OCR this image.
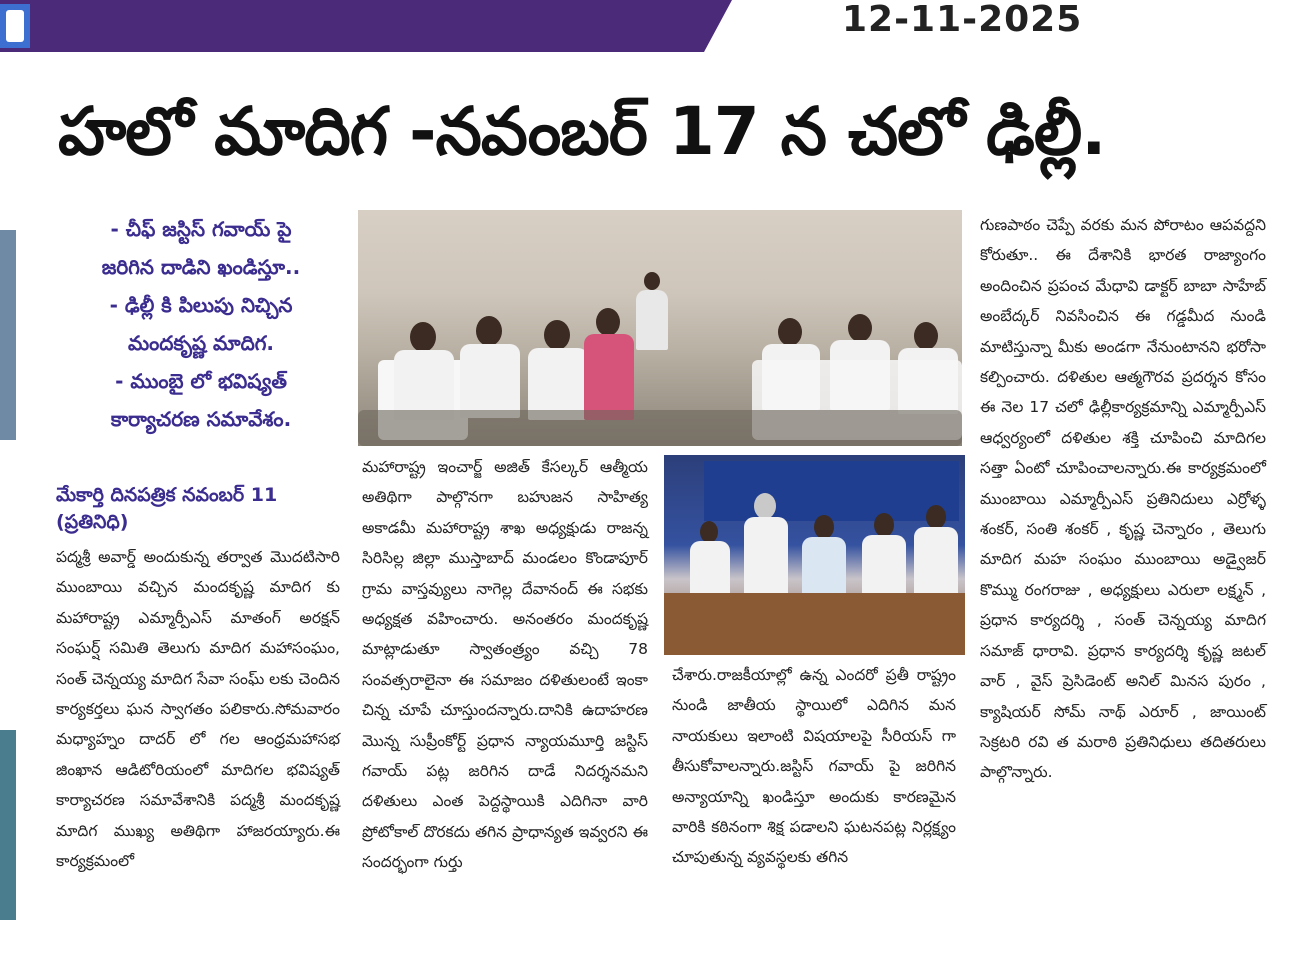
12-11-2025
హలో మాదిగ -నవంబర్ 17 న చలో ఢిల్లీ.
- చీఫ్ జస్టిస్ గవాయ్ పై
జరిగిన దాడిని ఖండిస్తూ..
- ఢిల్లీ కి పిలుపు నిచ్చిన
మందకృష్ణ మాదిగ.
- ముంబై లో భవిష్యత్
కార్యాచరణ సమావేశం.
మేకార్తి దినపత్రిక నవంబర్ 11 (ప్రతినిధి)

పద్మశ్రీ అవార్డ్ అందుకున్న తర్వాత మొదటిసారి ముంబాయి వచ్చిన మందకృష్ణ మాదిగ కు మహారాష్ట్ర ఎమ్మార్పీఎస్ మాతంగ్ అరక్షన్ సంఘర్ష్ సమితి తెలుగు మాదిగ మహాసంఘం, సంత్ చెన్నయ్య మాదిగ సేవా సంఘ్ లకు చెందిన కార్యకర్తలు ఘన స్వాగతం పలికారు.సోమవారం మధ్యాహ్నం దాదర్ లో గల ఆంధ్రమహాసభ జింఖాన ఆడిటోరియంలో మాదిగల భవిష్యత్ కార్యాచరణ సమావేశానికి పద్మశ్రీ మందకృష్ణ మాదిగ ముఖ్య అతిథిగా హాజరయ్యారు.ఈ కార్యక్రమంలో

మహారాష్ట్ర ఇంచార్జ్ అజిత్ కేసల్కర్ ఆత్మీయ అతిథిగా పాల్గొనగా బహుజన సాహిత్య అకాడమీ మహారాష్ట్ర శాఖ అధ్యక్షుడు రాజన్న సిరిసిల్ల జిల్లా ముస్తాబాద్ మండలం కొండాపూర్ గ్రామ వాస్తవ్యులు నాగెల్ల దేవానంద్ ఈ సభకు అధ్యక్షత వహించారు. అనంతరం మందకృష్ణ మాట్లాడుతూ స్వాతంత్ర్యం వచ్చి 78 సంవత్సరాలైనా ఈ సమాజం దళితులంటే ఇంకా చిన్న చూపే చూస్తుందన్నారు.దానికి ఉదాహరణ మొన్న సుప్రీంకోర్ట్ ప్రధాన న్యాయమూర్తి జస్టిస్ గవాయ్ పట్ల జరిగిన దాడే నిదర్శనమని దళితులు ఎంత పెద్దస్థాయికి ఎదిగినా వారి ప్రోటోకాల్ దొరకదు తగిన ప్రాధాన్యత ఇవ్వరని ఈ సందర్భంగా గుర్తు

చేశారు.రాజకీయాల్లో ఉన్న ఎందరో ప్రతీ రాష్ట్రం నుండి జాతీయ స్థాయిలో ఎదిగిన మన నాయకులు ఇలాంటి విషయాలపై సీరియస్ గా తీసుకోవాలన్నారు.జస్టిస్ గవాయ్ పై జరిగిన అన్యాయాన్ని ఖండిస్తూ అందుకు కారణమైన వారికి కఠినంగా శిక్ష పడాలని ఘటనపట్ల నిర్లక్ష్యం చూపుతున్న వ్యవస్థలకు తగిన

గుణపాఠం చెప్పే వరకు మన పోరాటం ఆపవద్దని కోరుతూ.. ఈ దేశానికి భారత రాజ్యాంగం అందించిన ప్రపంచ మేధావి డాక్టర్ బాబా సాహేబ్ అంబేద్కర్ నివసించిన ఈ గడ్డమీద నుండి మాటిస్తున్నా మీకు అండగా నేనుంటానని భరోసా కల్పించారు. దళితుల ఆత్మగౌరవ ప్రదర్శన కోసం ఈ నెల 17 చలో ఢిల్లీకార్యక్రమాన్ని ఎమ్మార్పీఎస్ ఆధ్వర్యంలో దళితుల శక్తి చూపించి మాదిగల సత్తా ఏంటో చూపించాలన్నారు.ఈ కార్యక్రమంలో ముంబాయి ఎమ్మార్పీఎస్ ప్రతినిదులు ఎర్రోళ్ళ శంకర్, సంతి శంకర్ , కృష్ణ చెన్నారం , తెలుగు మాదిగ మహ సంఘం ముంబాయి అడ్వైజర్ కొమ్ము రంగరాజు , అధ్యక్షులు ఎరులా లక్ష్మన్ , ప్రధాన కార్యదర్శి , సంత్ చెన్నయ్య మాదిగ సమాజ్ ధారావి. ప్రధాన కార్యదర్శి కృష్ణ జటల్ వార్ , వైస్ ప్రెసిడెంట్ అనిల్ మినస పురం , క్యాషియర్ సోమ్ నాథ్ ఎరూర్ , జాయింట్ సెక్రటరి రవి త మరాఠి ప్రతినిధులు తదితరులు పాల్గొన్నారు.
